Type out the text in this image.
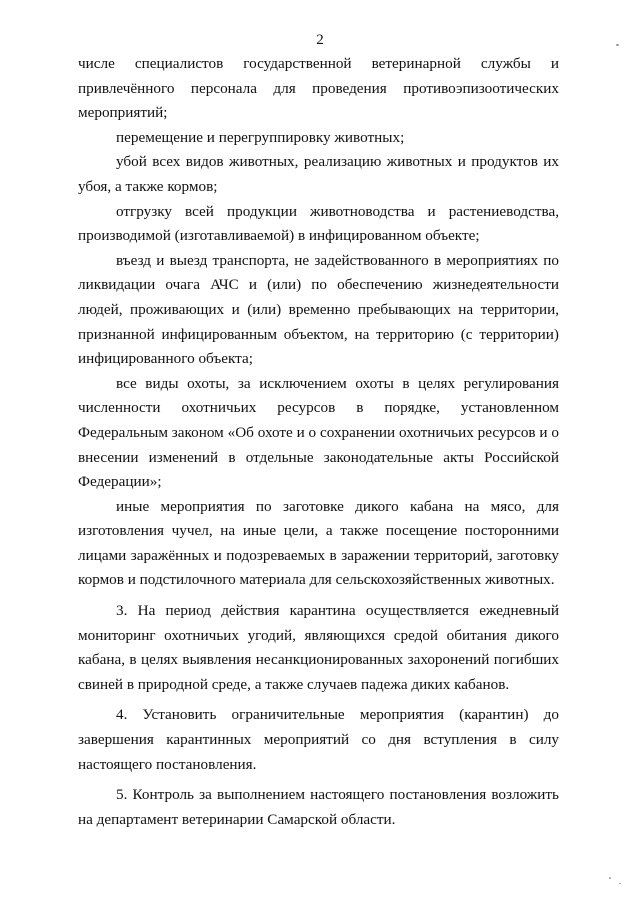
2

числе специалистов государственной ветеринарной службы и привлечённого персонала для проведения противоэпизоотических мероприятий;

перемещение и перегруппировку животных;

убой всех видов животных, реализацию животных и продуктов их убоя, а также кормов;

отгрузку всей продукции животноводства и растениеводства, производимой (изготавливаемой) в инфицированном объекте;

въезд и выезд транспорта, не задействованного в мероприятиях по ликвидации очага АЧС и (или) по обеспечению жизнедеятельности людей, проживающих и (или) временно пребывающих на территории, признанной инфицированным объектом, на территорию (с территории) инфицированного объекта;

все виды охоты, за исключением охоты в целях регулирования численности охотничьих ресурсов в порядке, установленном Федеральным законом «Об охоте и о сохранении охотничьих ресурсов и о внесении изменений в отдельные законодательные акты Российской Федерации»;

иные мероприятия по заготовке дикого кабана на мясо, для изготовления чучел, на иные цели, а также посещение посторонними лицами заражённых и подозреваемых в заражении территорий, заготовку кормов и подстилочного материала для сельскохозяйственных животных.

3. На период действия карантина осуществляется ежедневный мониторинг охотничьих угодий, являющихся средой обитания дикого кабана, в целях выявления несанкционированных захоронений погибших свиней в природной среде, а также случаев падежа диких кабанов.

4. Установить ограничительные мероприятия (карантин) до завершения карантинных мероприятий со дня вступления в силу настоящего постановления.

5. Контроль за выполнением настоящего постановления возложить на департамент ветеринарии Самарской области.
